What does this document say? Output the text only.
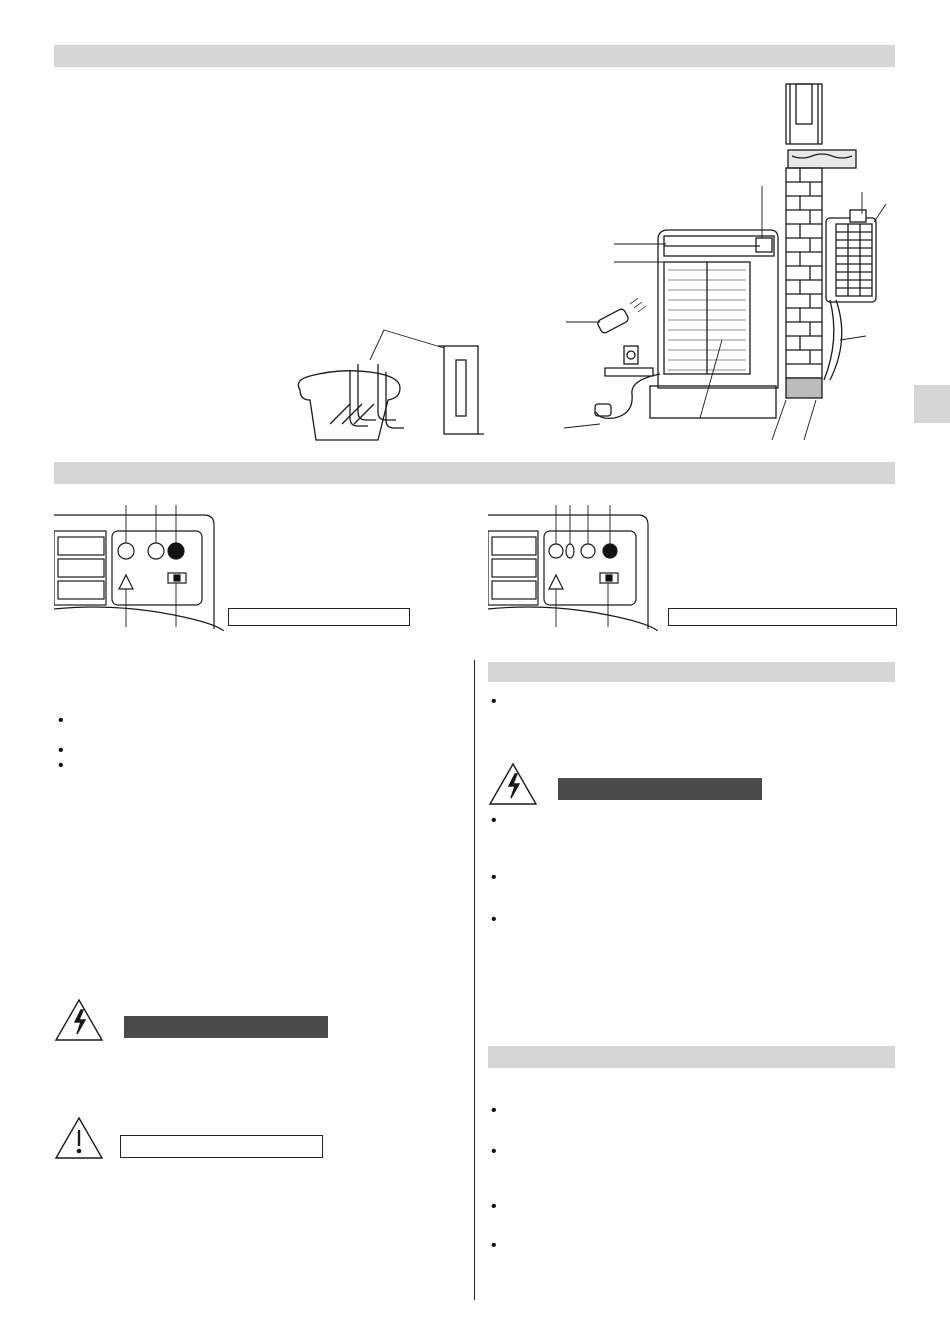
•
•
•
•
•
•
•
•
•
•
•
